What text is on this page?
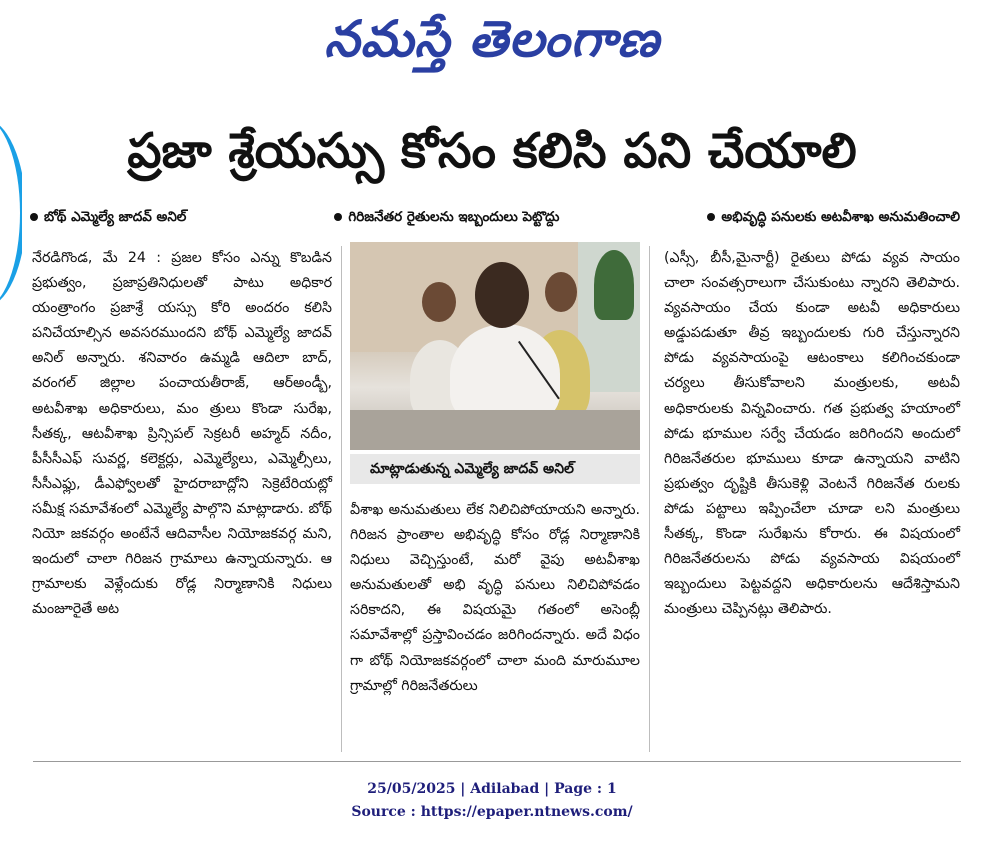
నమస్తే తెలంగాణ
ప్రజా శ్రేయస్సు కోసం కలిసి పని చేయాలి
బోథ్ ఎమ్మెల్యే జాదవ్ అనిల్	గిరిజనేతర రైతులను ఇబ్బందులు పెట్టొద్దు	అభివృద్ధి పనులకు అటవీశాఖ అనుమతించాలి

నేరడిగొండ, మే 24 : ప్రజల కోసం ఎన్ను కొబడిన ప్రభుత్వం, ప్రజాప్రతినిధులతో పాటు అధికార యంత్రాంగం ప్రజాశ్రే యస్సు కోరి అందరం కలిసి పనిచేయాల్సిన అవసరముందని బోథ్ ఎమ్మెల్యే జాదవ్ అనిల్ అన్నారు. శనివారం ఉమ్మడి ఆదిలా బాద్, వరంగల్ జిల్లాల పంచాయతీరాజ్, ఆర్అండ్బీ, అటవీశాఖ అధికారులు, మం త్రులు కొండా సురేఖ, సీతక్క, ఆటవీశాఖ ప్రిన్సిపల్ సెక్రటరీ అహ్మద్ నదీం, పీసీసీఎఫ్ సువర్ణ, కలెక్టర్లు, ఎమ్మెల్యేలు, ఎమ్మెల్సీలు, సీసీఎఫ్లు, డీఎఫ్వోలతో హైదరాబాద్లోని సెక్రెటేరియట్లో సమీక్ష సమావేశంలో ఎమ్మెల్యే పాల్గొని మాట్లాడారు. బోథ్ నియో జకవర్గం అంటేనే ఆదివాసీల నియోజకవర్గ మని, ఇందులో చాలా గిరిజన గ్రామాలు ఉన్నాయన్నారు. ఆ గ్రామాలకు వెళ్లేందుకు రోడ్ల నిర్మాణానికి నిధులు మంజూరైతే అట

మాట్లాడుతున్న ఎమ్మెల్యే జాదవ్ అనిల్

వీశాఖ అనుమతులు లేక నిలిచిపోయాయని అన్నారు. గిరిజన ప్రాంతాల అభివృద్ధి కోసం రోడ్ల నిర్మాణానికి నిధులు వెచ్చిస్తుంటే, మరో వైపు అటవీశాఖ అనుమతులతో అభి వృద్ధి పనులు నిలిచిపోవడం సరికాదని, ఈ విషయమై గతంలో అసెంబ్లీ సమావేశాల్లో ప్రస్తావించడం జరిగిందన్నారు. అదే విధం గా బోథ్ నియోజకవర్గంలో చాలా మంది మారుమూల గ్రామాల్లో గిరిజనేతరులు

(ఎస్సీ, బీసీ,మైనార్టీ) రైతులు పోడు వ్యవ సాయం చాలా సంవత్సరాలుగా చేసుకుంటు న్నారని తెలిపారు. వ్యవసాయం చేయ కుండా అటవీ అధికారులు అడ్డుపడుతూ తీవ్ర ఇబ్బందులకు గురి చేస్తున్నారని పోడు వ్యవసాయంపై ఆటంకాలు కలిగించకుండా చర్యలు తీసుకోవాలని మంత్రులకు, అటవీ అధికారులకు విన్నవించారు. గత ప్రభుత్వ హయాంలో పోడు భూముల సర్వే చేయడం జరిగిందని అందులో గిరిజనేతరుల భూములు కూడా ఉన్నాయని వాటిని ప్రభుత్వం దృష్టికి తీసుకెళ్లి వెంటనే గిరిజనేత రులకు పోడు పట్టాలు ఇప్పించేలా చూడా లని మంత్రులు సీతక్క, కొండా సురేఖను కోరారు. ఈ విషయంలో గిరిజనేతరులను పోడు వ్యవసాయ విషయంలో ఇబ్బందులు పెట్టవద్దని అధికారులను ఆదేశిస్తామని మంత్రులు చెప్పినట్లు తెలిపారు.

25/05/2025 | Adilabad | Page : 1
Source : https://epaper.ntnews.com/
